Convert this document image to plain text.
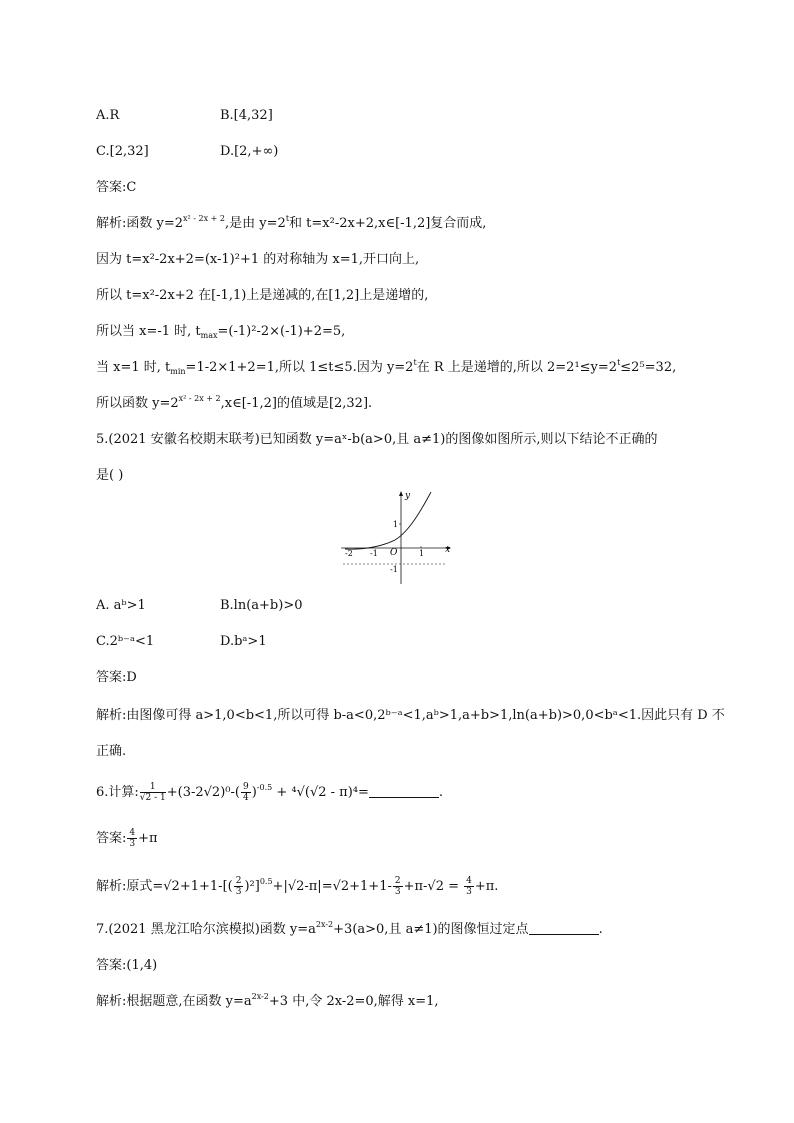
A.R	B.[4,32]
C.[2,32]	D.[2,+∞)
答案:C
解析:函数 $y=2^{x^2 - 2x + 2}$,是由 $y=2^t$和 t=x²-2x+2,x∈[-1,2]复合而成,
因为 t=x²-2x+2=(x-1)²+1 的对称轴为 x=1,开口向上,
所以 t=x²-2x+2 在[-1,1)上是递减的,在[1,2]上是递增的,
所以当 x=-1 时, $t_{max}=(-1)^2-2\times(-1)+2=5$,
当 x=1 时, $t_{min}=1-2\times 1+2=1$,所以 1≤t≤5.因为 $y=2^t$在 R 上是递增的,所以 $2=2^1\le y=2^t\le 2^5=32$,
所以函数 $y=2^{x^2 - 2x + 2},x\in[-1,2]$的值域是[2,32].
5.(2021 安徽名校期末联考)已知函数 y=aˣ-b(a>0,且 a≠1)的图像如图所示,则以下结论不正确的
是( )
y
x
O
-2 -1	1
1
-1
A. aᵇ>1	B.ln(a+b)>0
C.2ᵇ⁻ᵃ<1	D.bᵃ>1
答案:D
解析:由图像可得 a>1,0<b<1,所以可得 b-a<0,2ᵇ⁻ᵃ<1,aᵇ>1,a+b>1,ln(a+b)>0,0<bᵃ<1.因此只有 D 不
正确.
6.计算: $\frac{1}{√2 - 1} +(3-2√2)^0-( \frac{9}{4} )^{-0.5} + ^4√(√2 - \pi)^4=$	.
答案: $\frac{4}{3} +\pi$
解析:原式$=√2+1+1-[( \frac{2}{3} )^2]^{0.5}+|√2-\pi|=√2+1+1- \frac{2}{3} +\pi-√2 = \frac{4}{3} +\pi$.
7.(2021 黑龙江哈尔滨模拟)函数 $y=a^{2x-2}+3(a>0$,且 a≠1)的图像恒过定点	.
答案:(1,4)
解析:根据题意,在函数 $y=a^{2x-2}+3$ 中,令 2x-2=0,解得 x=1,
